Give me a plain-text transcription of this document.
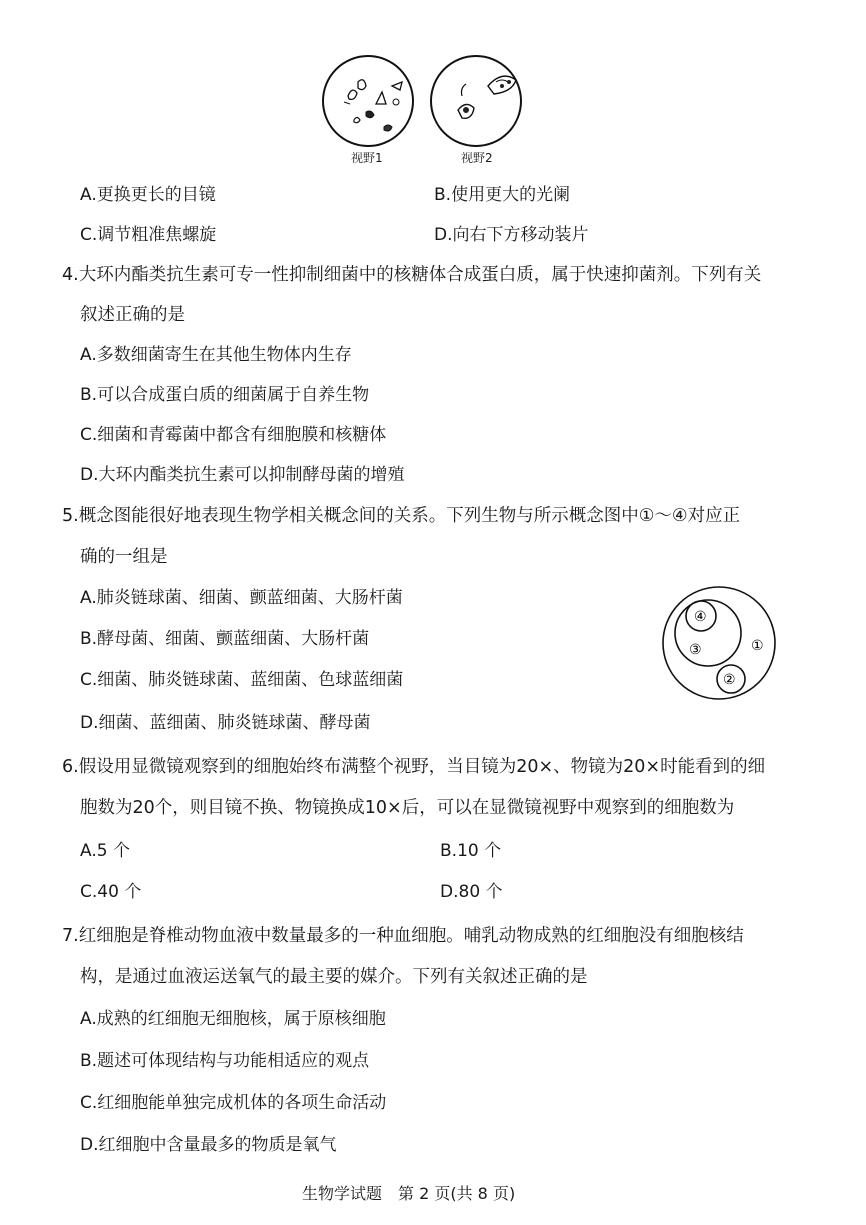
视野1	视野2
A.更换更长的目镜	B.使用更大的光阑
C.调节粗准焦螺旋	D.向右下方移动装片
4.大环内酯类抗生素可专一性抑制细菌中的核糖体合成蛋白质，属于快速抑菌剂。下列有关
叙述正确的是
A.多数细菌寄生在其他生物体内生存
B.可以合成蛋白质的细菌属于自养生物
C.细菌和青霉菌中都含有细胞膜和核糖体
D.大环内酯类抗生素可以抑制酵母菌的增殖
5.概念图能很好地表现生物学相关概念间的关系。下列生物与所示概念图中①～④对应正
确的一组是
A.肺炎链球菌、细菌、颤蓝细菌、大肠杆菌
B.酵母菌、细菌、颤蓝细菌、大肠杆菌
C.细菌、肺炎链球菌、蓝细菌、色球蓝细菌
D.细菌、蓝细菌、肺炎链球菌、酵母菌
①
②
③
④
6.假设用显微镜观察到的细胞始终布满整个视野，当目镜为20×、物镜为20×时能看到的细
胞数为20个，则目镜不换、物镜换成10×后，可以在显微镜视野中观察到的细胞数为
A.5 个	B.10 个
C.40 个	D.80 个
7.红细胞是脊椎动物血液中数量最多的一种血细胞。哺乳动物成熟的红细胞没有细胞核结
构，是通过血液运送氧气的最主要的媒介。下列有关叙述正确的是
A.成熟的红细胞无细胞核，属于原核细胞
B.题述可体现结构与功能相适应的观点
C.红细胞能单独完成机体的各项生命活动
D.红细胞中含量最多的物质是氧气
生物学试题　第 2 页(共 8 页)
